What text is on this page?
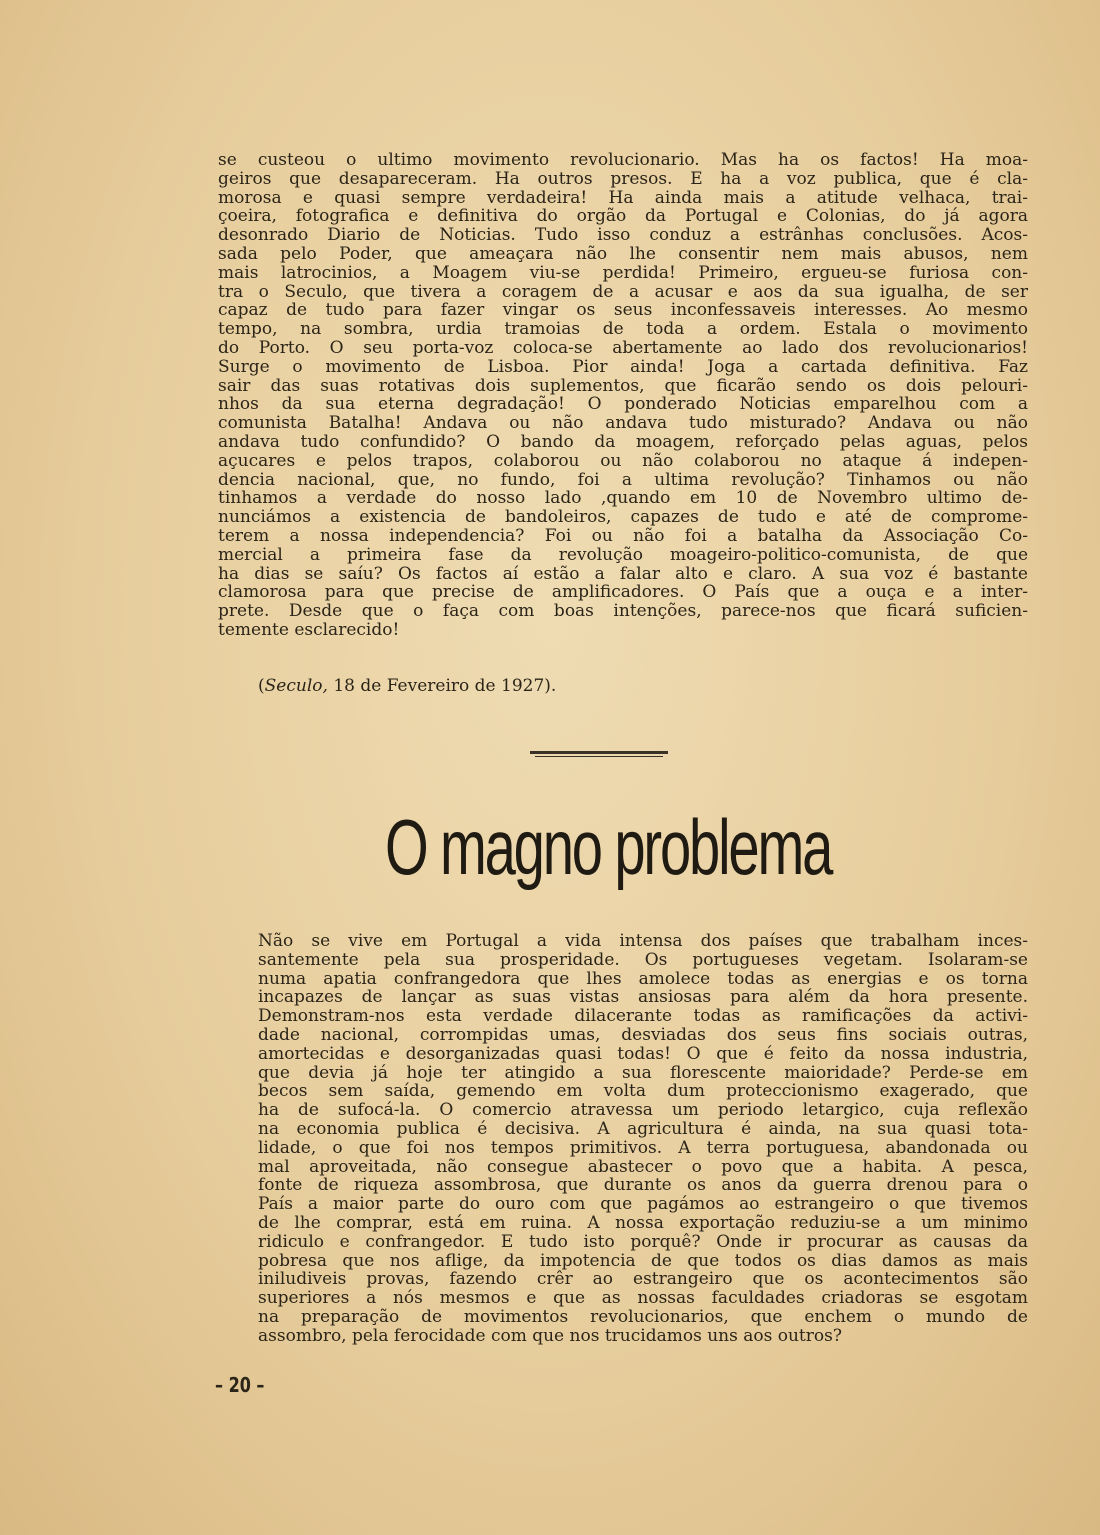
se custeou o ultimo movimento revolucionario. Mas ha os factos! Ha moa-
geiros que desapareceram. Ha outros presos. E ha a voz publica, que é cla-
morosa e quasi sempre verdadeira! Ha ainda mais a atitude velhaca, trai-
çoeira, fotografica e definitiva do orgão da Portugal e Colonias, do já agora
desonrado Diario de Noticias. Tudo isso conduz a estrânhas conclusões. Acos-
sada pelo Poder, que ameaçara não lhe consentir nem mais abusos, nem
mais latrocinios, a Moagem viu-se perdida! Primeiro, ergueu-se furiosa con-
tra o Seculo, que tivera a coragem de a acusar e aos da sua igualha, de ser
capaz de tudo para fazer vingar os seus inconfessaveis interesses. Ao mesmo
tempo, na sombra, urdia tramoias de toda a ordem. Estala o movimento
do Porto. O seu porta-voz coloca-se abertamente ao lado dos revolucionarios!
Surge o movimento de Lisboa. Pior ainda! Joga a cartada definitiva. Faz
sair das suas rotativas dois suplementos, que ficarão sendo os dois pelouri-
nhos da sua eterna degradação! O ponderado Noticias emparelhou com a
comunista Batalha! Andava ou não andava tudo misturado? Andava ou não
andava tudo confundido? O bando da moagem, reforçado pelas aguas, pelos
açucares e pelos trapos, colaborou ou não colaborou no ataque á indepen-
dencia nacional, que, no fundo, foi a ultima revolução? Tinhamos ou não
tinhamos a verdade do nosso lado ,quando em 10 de Novembro ultimo de-
nunciámos a existencia de bandoleiros, capazes de tudo e até de comprome-
terem a nossa independencia? Foi ou não foi a batalha da Associação Co-
mercial a primeira fase da revolução moageiro-politico-comunista, de que
ha dias se saíu? Os factos aí estão a falar alto e claro. A sua voz é bastante
clamorosa para que precise de amplificadores. O País que a ouça e a inter-
prete. Desde que o faça com boas intenções, parece-nos que ficará suficien-
temente esclarecido!

(Seculo, 18 de Fevereiro de 1927).

O magno problema
Não se vive em Portugal a vida intensa dos países que trabalham inces-
santemente pela sua prosperidade. Os portugueses vegetam. Isolaram-se
numa apatia confrangedora que lhes amolece todas as energias e os torna
incapazes de lançar as suas vistas ansiosas para além da hora presente.
Demonstram-nos esta verdade dilacerante todas as ramificações da activi-
dade nacional, corrompidas umas, desviadas dos seus fins sociais outras,
amortecidas e desorganizadas quasi todas! O que é feito da nossa industria,
que devia já hoje ter atingido a sua florescente maioridade? Perde-se em
becos sem saída, gemendo em volta dum proteccionismo exagerado, que
ha de sufocá-la. O comercio atravessa um periodo letargico, cuja reflexão
na economia publica é decisiva. A agricultura é ainda, na sua quasi tota-
lidade, o que foi nos tempos primitivos. A terra portuguesa, abandonada ou
mal aproveitada, não consegue abastecer o povo que a habita. A pesca,
fonte de riqueza assombrosa, que durante os anos da guerra drenou para o
País a maior parte do ouro com que pagámos ao estrangeiro o que tivemos
de lhe comprar, está em ruina. A nossa exportação reduziu-se a um minimo
ridiculo e confrangedor. E tudo isto porquê? Onde ir procurar as causas da
pobresa que nos aflige, da impotencia de que todos os dias damos as mais
iniludiveis provas, fazendo crêr ao estrangeiro que os acontecimentos são
superiores a nós mesmos e que as nossas faculdades criadoras se esgotam
na preparação de movimentos revolucionarios, que enchem o mundo de
assombro, pela ferocidade com que nos trucidamos uns aos outros?

– 20 –
